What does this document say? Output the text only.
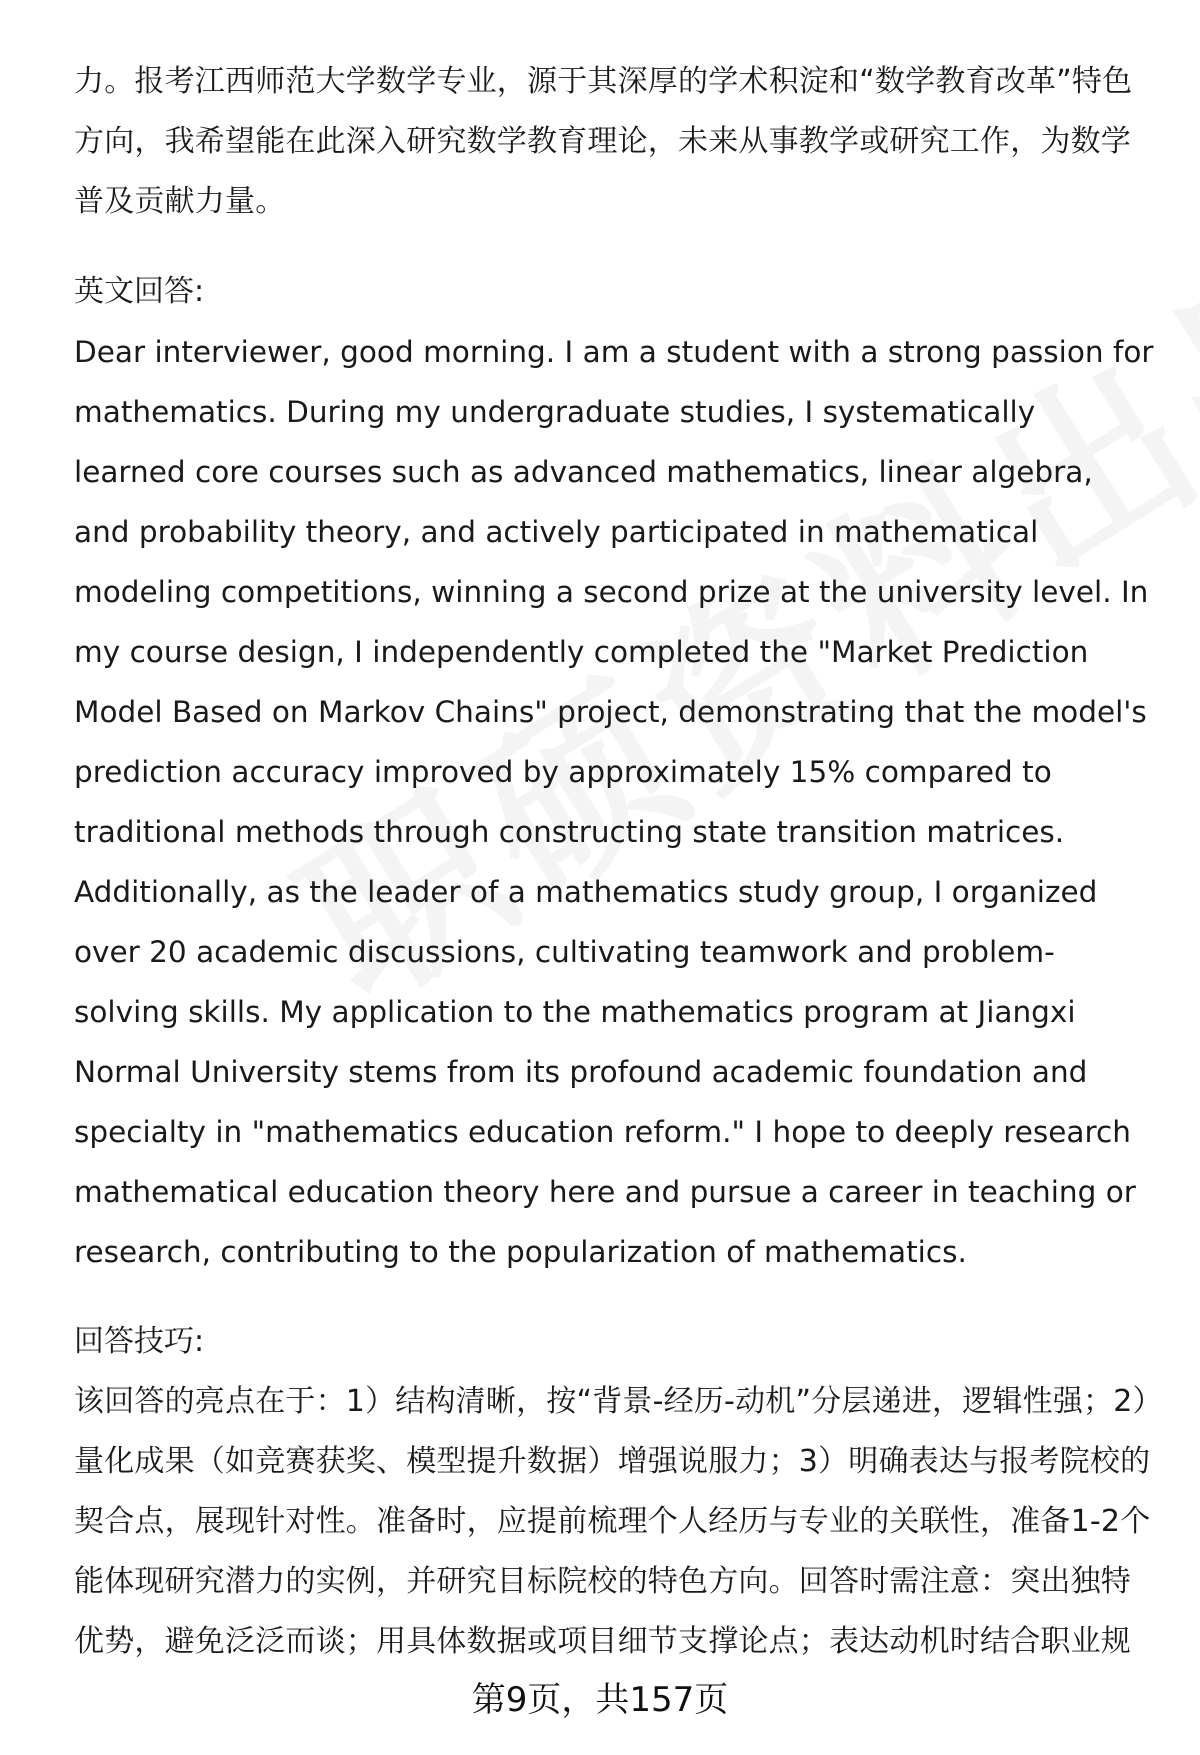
力。报考江西师范大学数学专业，源于其深厚的学术积淀和“数学教育改革”特色方向，我希望能在此深入研究数学教育理论，未来从事教学或研究工作，为数学普及贡献力量。

英文回答:

Dear interviewer, good morning. I am a student with a strong passion for mathematics. During my undergraduate studies, I systematically learned core courses such as advanced mathematics, linear algebra, and probability theory, and actively participated in mathematical modeling competitions, winning a second prize at the university level. In my course design, I independently completed the "Market Prediction Model Based on Markov Chains" project, demonstrating that the model's prediction accuracy improved by approximately 15% compared to traditional methods through constructing state transition matrices. Additionally, as the leader of a mathematics study group, I organized over 20 academic discussions, cultivating teamwork and problem-solving skills. My application to the mathematics program at Jiangxi Normal University stems from its profound academic foundation and specialty in "mathematics education reform." I hope to deeply research mathematical education theory here and pursue a career in teaching or research, contributing to the popularization of mathematics.

回答技巧:

该回答的亮点在于：1）结构清晰，按“背景-经历-动机”分层递进，逻辑性强；2）量化成果（如竞赛获奖、模型提升数据）增强说服力；3）明确表达与报考院校的契合点，展现针对性。准备时，应提前梳理个人经历与专业的关联性，准备1-2个能体现研究潜力的实例，并研究目标院校的特色方向。回答时需注意：突出独特优势，避免泛泛而谈；用具体数据或项目细节支撑论点；表达动机时结合职业规

第9页，共157页
